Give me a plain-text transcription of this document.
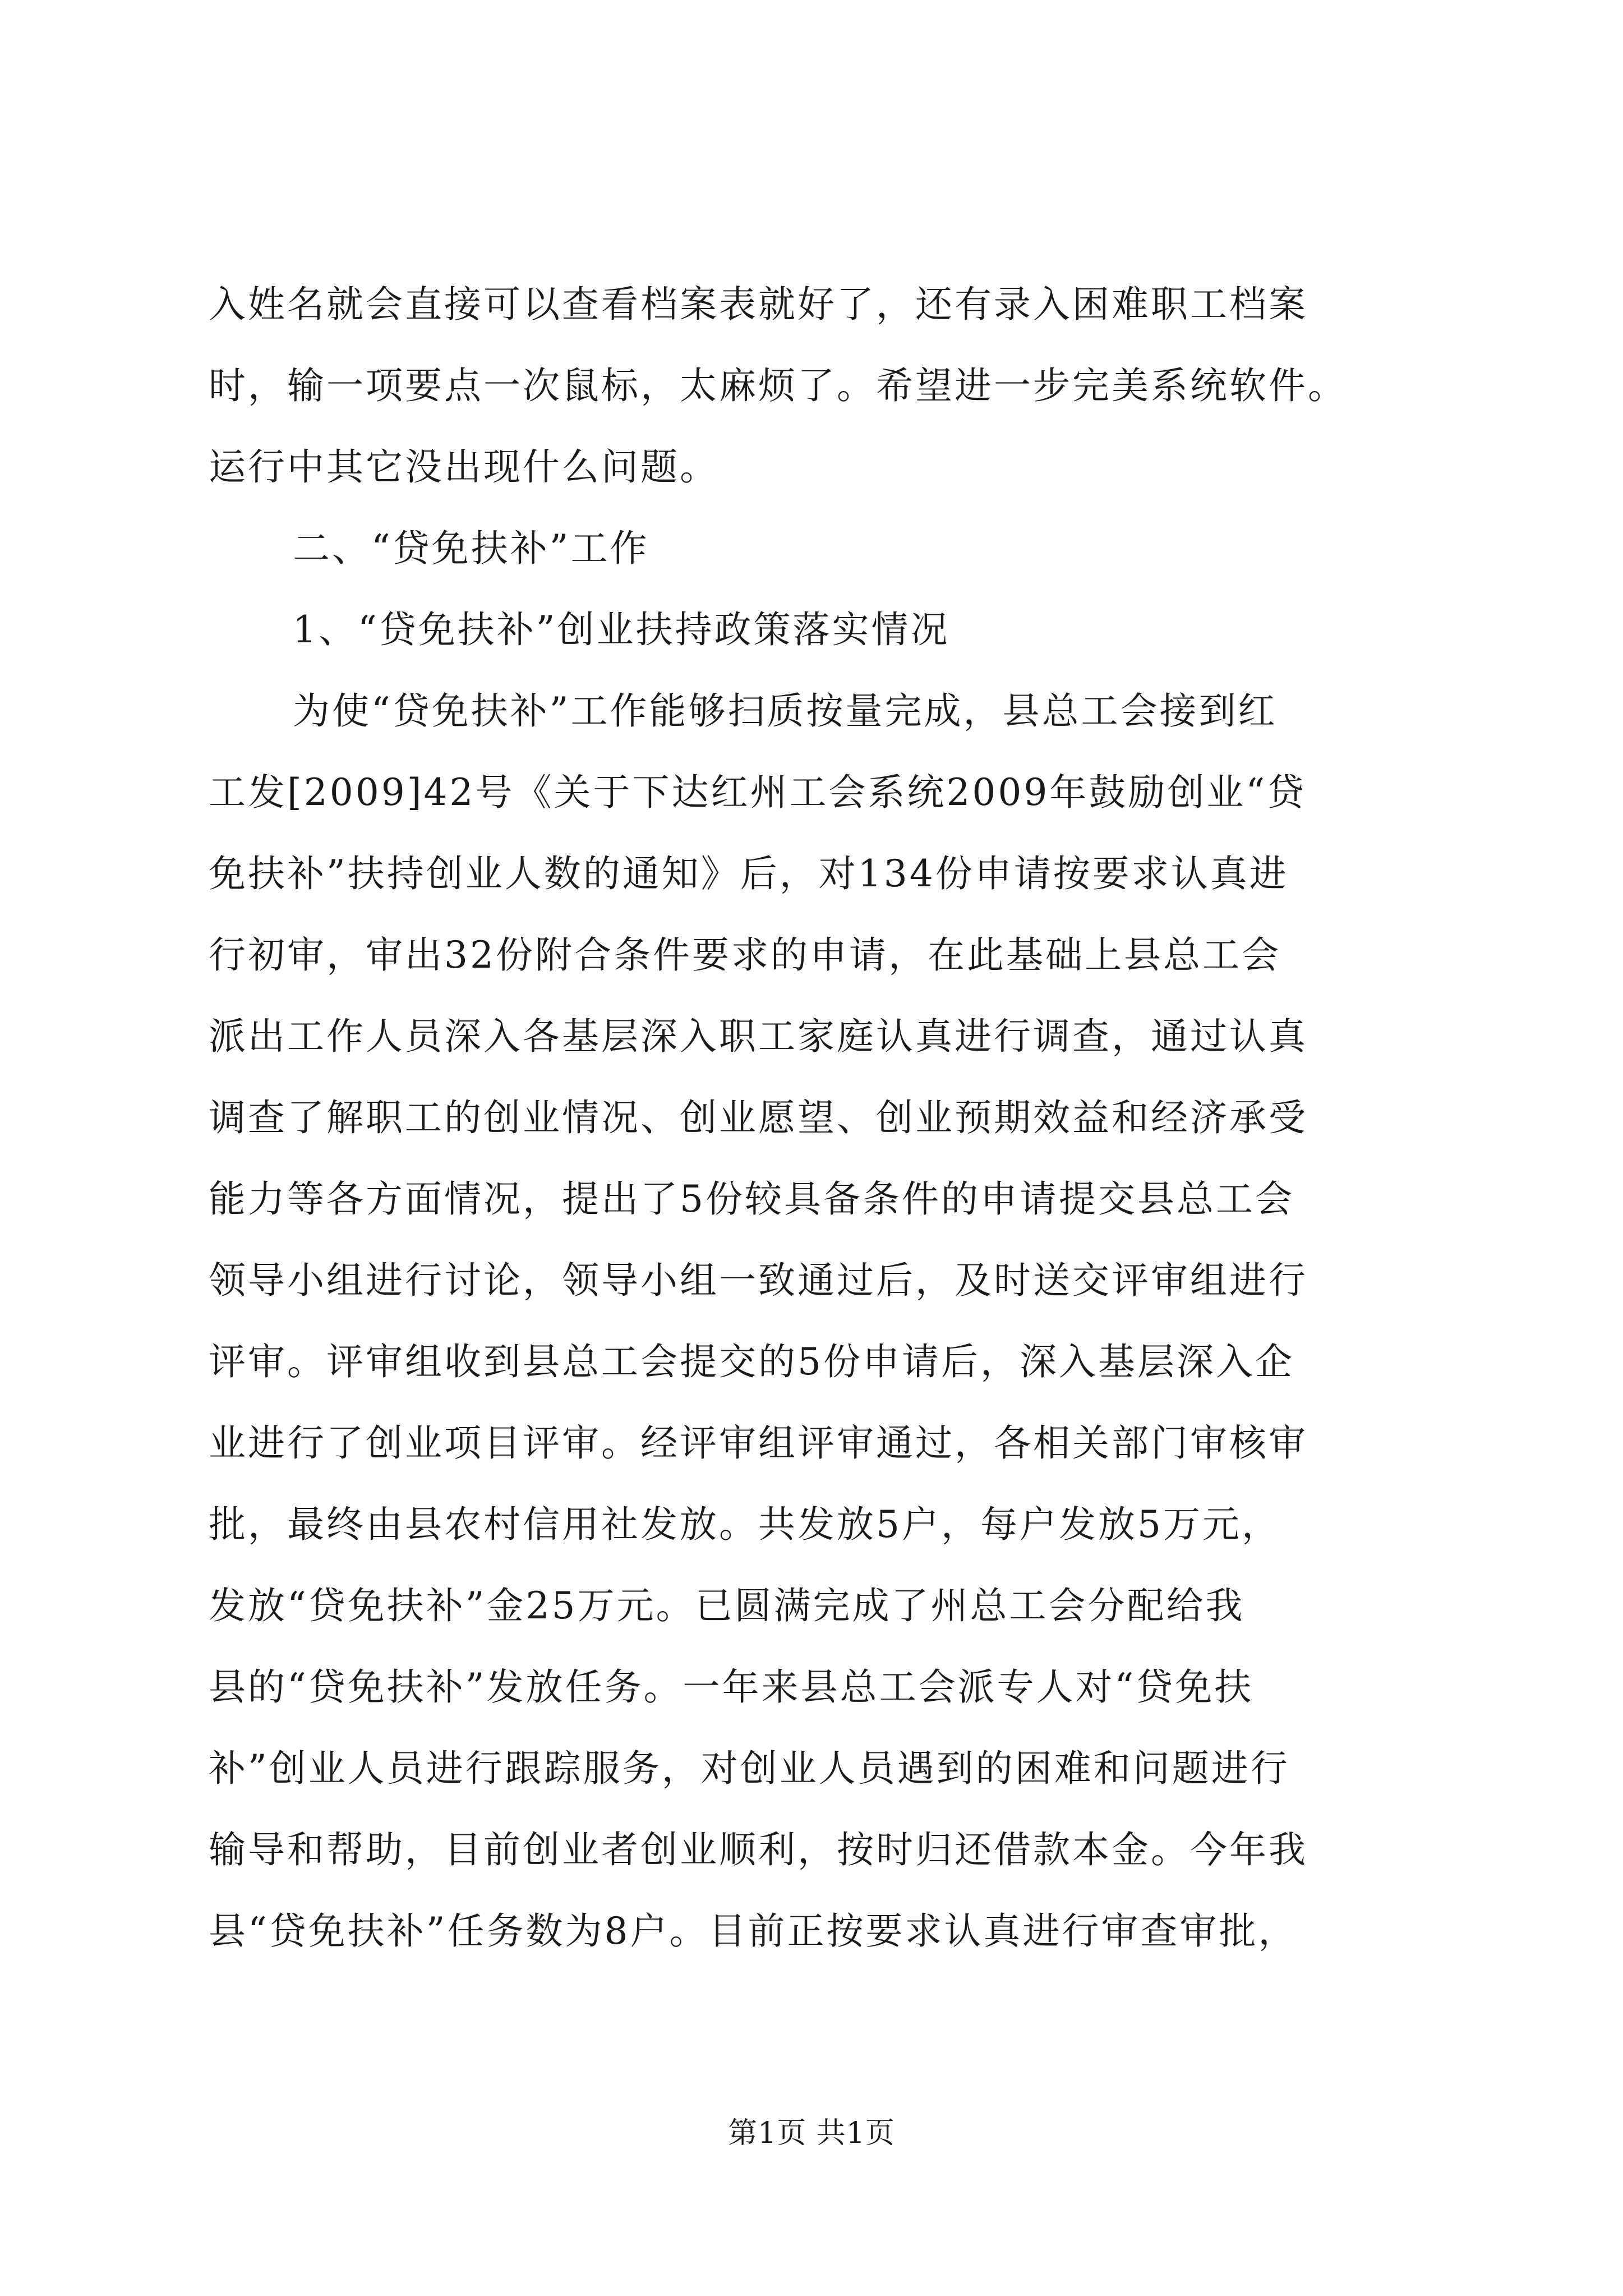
入姓名就会直接可以查看档案表就好了，还有录入困难职工档案
时，输一项要点一次鼠标，太麻烦了。希望进一步完美系统软件。
运行中其它没出现什么问题。
二、“贷免扶补”工作
1、“贷免扶补”创业扶持政策落实情况
为使“贷免扶补”工作能够扫质按量完成，县总工会接到红
工发[2009]42号《关于下达红州工会系统2009年鼓励创业“贷
免扶补”扶持创业人数的通知》后，对134份申请按要求认真进
行初审，审出32份附合条件要求的申请，在此基础上县总工会
派出工作人员深入各基层深入职工家庭认真进行调查，通过认真
调查了解职工的创业情况、创业愿望、创业预期效益和经济承受
能力等各方面情况，提出了5份较具备条件的申请提交县总工会
领导小组进行讨论，领导小组一致通过后，及时送交评审组进行
评审。评审组收到县总工会提交的5份申请后，深入基层深入企
业进行了创业项目评审。经评审组评审通过，各相关部门审核审
批，最终由县农村信用社发放。共发放5户，每户发放5万元，
发放“贷免扶补”金25万元。已圆满完成了州总工会分配给我
县的“贷免扶补”发放任务。一年来县总工会派专人对“贷免扶
补”创业人员进行跟踪服务，对创业人员遇到的困难和问题进行
输导和帮助，目前创业者创业顺利，按时归还借款本金。今年我
县“贷免扶补”任务数为8户。目前正按要求认真进行审查审批，
第1页 共1页
